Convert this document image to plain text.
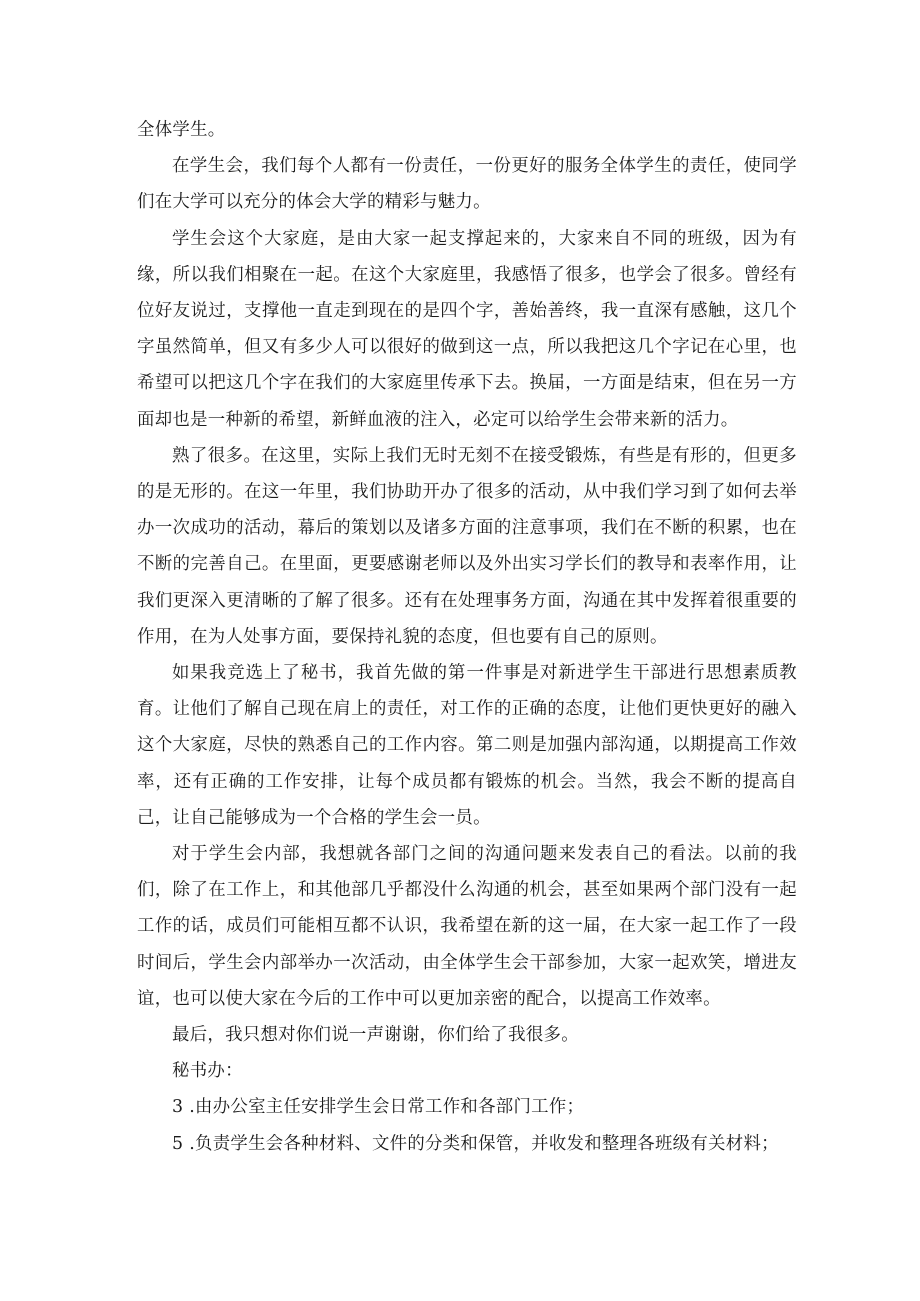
全体学生。

在学生会，我们每个人都有一份责任，一份更好的服务全体学生的责任，使同学们在大学可以充分的体会大学的精彩与魅力。

学生会这个大家庭，是由大家一起支撑起来的，大家来自不同的班级，因为有缘，所以我们相聚在一起。在这个大家庭里，我感悟了很多，也学会了很多。曾经有位好友说过，支撑他一直走到现在的是四个字，善始善终，我一直深有感触，这几个字虽然简单，但又有多少人可以很好的做到这一点，所以我把这几个字记在心里，也希望可以把这几个字在我们的大家庭里传承下去。换届，一方面是结束，但在另一方面却也是一种新的希望，新鲜血液的注入，必定可以给学生会带来新的活力。

熟了很多。在这里，实际上我们无时无刻不在接受锻炼，有些是有形的，但更多的是无形的。在这一年里，我们协助开办了很多的活动，从中我们学习到了如何去举办一次成功的活动，幕后的策划以及诸多方面的注意事项，我们在不断的积累，也在不断的完善自己。在里面，更要感谢老师以及外出实习学长们的教导和表率作用，让我们更深入更清晰的了解了很多。还有在处理事务方面，沟通在其中发挥着很重要的作用，在为人处事方面，要保持礼貌的态度，但也要有自己的原则。

如果我竞选上了秘书，我首先做的第一件事是对新进学生干部进行思想素质教育。让他们了解自己现在肩上的责任，对工作的正确的态度，让他们更快更好的融入这个大家庭，尽快的熟悉自己的工作内容。第二则是加强内部沟通，以期提高工作效率，还有正确的工作安排，让每个成员都有锻炼的机会。当然，我会不断的提高自己，让自己能够成为一个合格的学生会一员。

对于学生会内部，我想就各部门之间的沟通问题来发表自己的看法。以前的我们，除了在工作上，和其他部几乎都没什么沟通的机会，甚至如果两个部门没有一起工作的话，成员们可能相互都不认识，我希望在新的这一届，在大家一起工作了一段时间后，学生会内部举办一次活动，由全体学生会干部参加，大家一起欢笑，增进友谊，也可以使大家在今后的工作中可以更加亲密的配合，以提高工作效率。

最后，我只想对你们说一声谢谢，你们给了我很多。

秘书办：

3 .由办公室主任安排学生会日常工作和各部门工作；

5 .负责学生会各种材料、文件的分类和保管，并收发和整理各班级有关材料；
